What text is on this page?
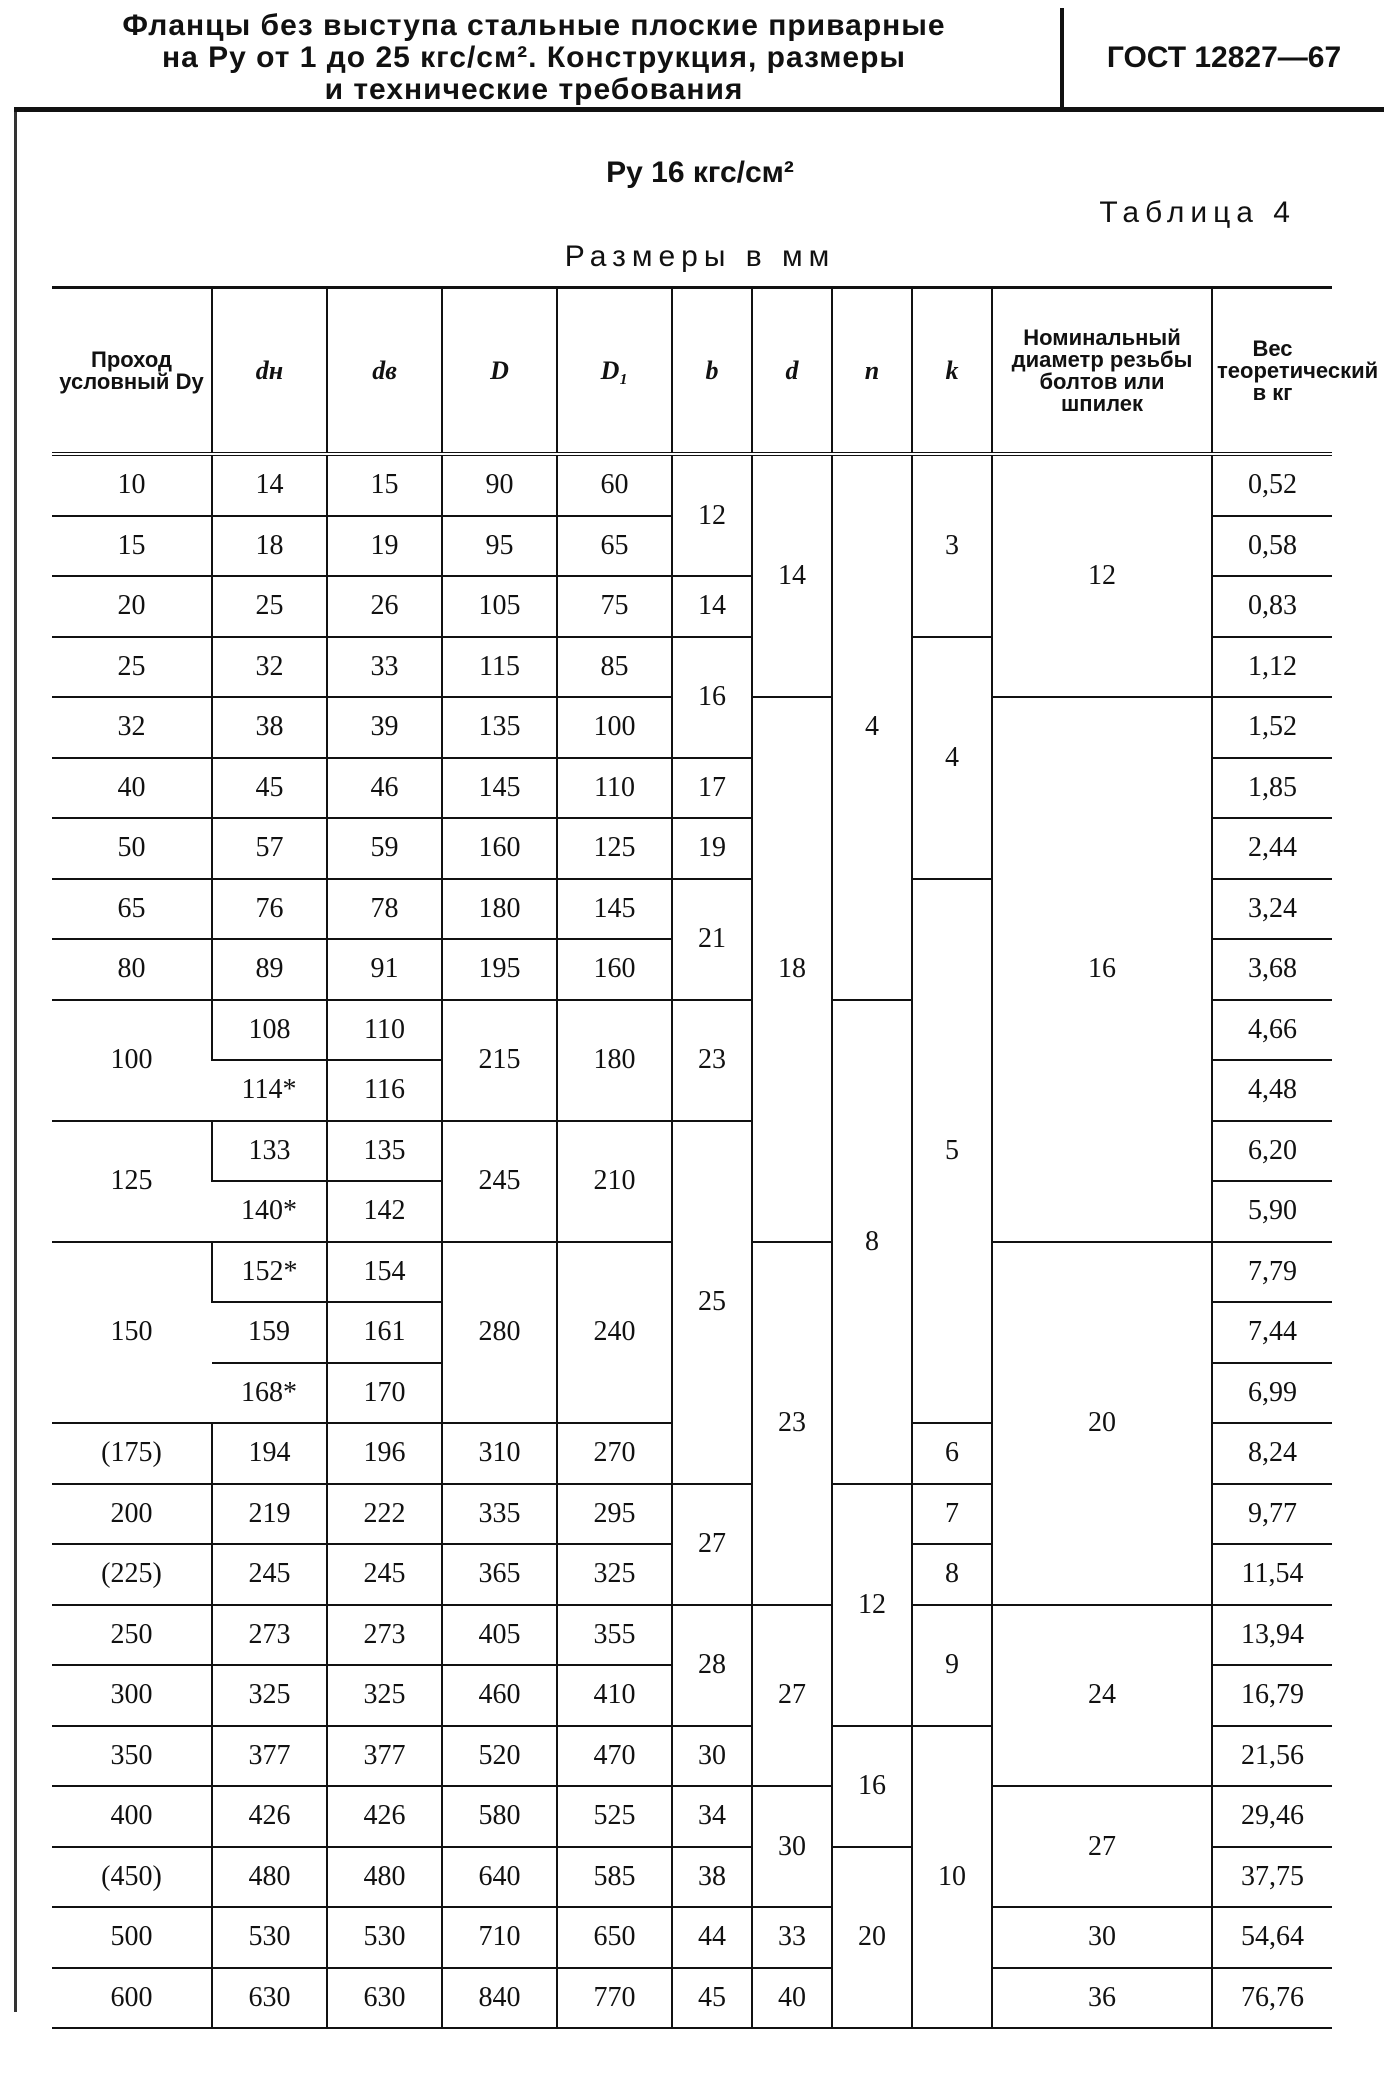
Фланцы без выступа стальные плоские приварные
на Pу от 1 до 25 кгс/см². Конструкция, размеры
и технические требования
ГОСТ 12827—67
Pу 16 кгс/см²
Таблица 4
Размеры в мм
Проход условный Dу	dн	dв	D	D₁	b	d	n	k	Номинальный диаметр резьбы болтов или шпилек	Вес теоретический в кг
10	14	15	90	60	12	14	4	3	12	0,52
15	18	19	95	65						0,58
20	25	26	105	75	14					0,83
25	32	33	115	85	16			4		1,12
32	38	39	135	100		18			16	1,52
40	45	46	145	110	17					1,85
50	57	59	160	125	19					2,44
65	76	78	180	145	21			5		3,24
80	89	91	195	160						3,68
100	108	110	215	180	23		8			4,66
	114*	116								4,48
125	133	135	245	210	25					6,20
	140*	142								5,90
150	152*	154	280	240		23			20	7,79
	159	161								7,44
	168*	170								6,99
(175)	194	196	310	270				6		8,24
200	219	222	335	295	27		12	7		9,77
(225)	245	245	365	325				8		11,54
250	273	273	405	355	28	27		9	24	13,94
300	325	325	460	410						16,79
350	377	377	520	470	30		16	10		21,56
400	426	426	580	525	34	30			27	29,46
(450)	480	480	640	585	38		20			37,75
500	530	530	710	650	44	33			30	54,64
600	630	630	840	770	45	40			36	76,76
